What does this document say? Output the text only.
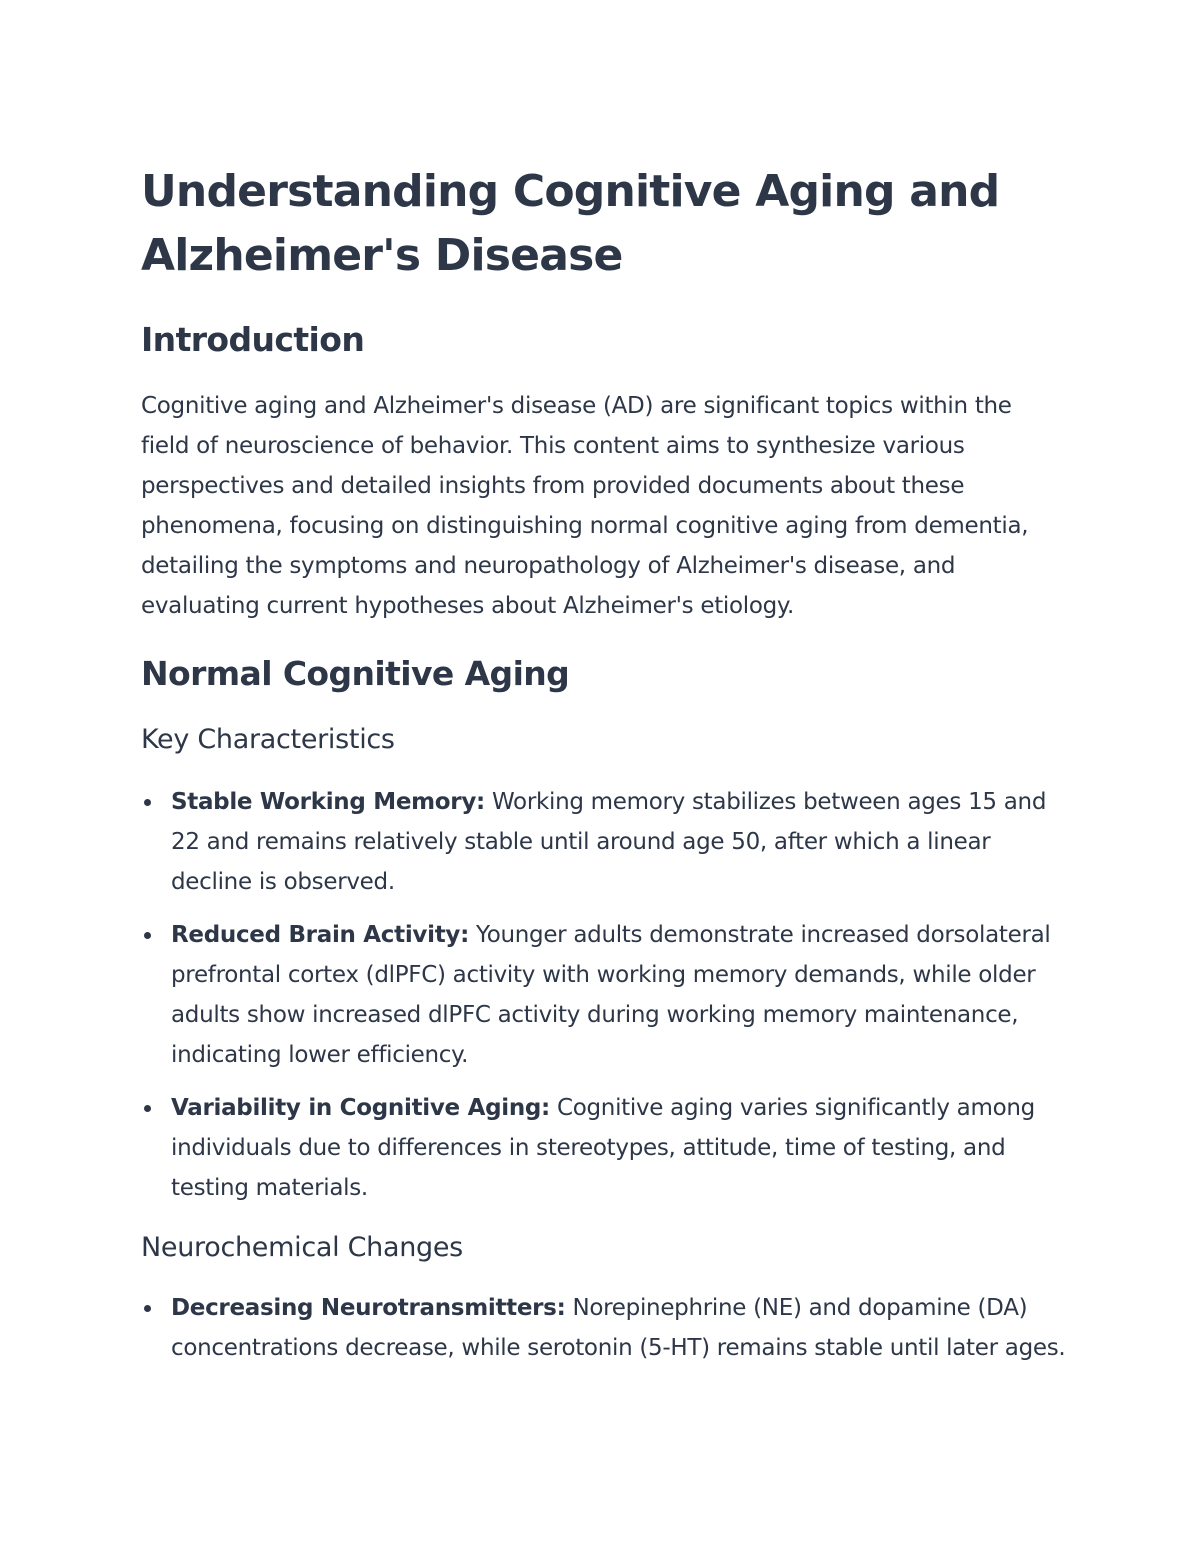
Understanding Cognitive Aging and Alzheimer's Disease
Introduction

Cognitive aging and Alzheimer's disease (AD) are significant topics within the field of neuroscience of behavior. This content aims to synthesize various perspectives and detailed insights from provided documents about these phenomena, focusing on distinguishing normal cognitive aging from dementia, detailing the symptoms and neuropathology of Alzheimer's disease, and evaluating current hypotheses about Alzheimer's etiology.

Normal Cognitive Aging
Key Characteristics
Stable Working Memory: Working memory stabilizes between ages 15 and 22 and remains relatively stable until around age 50, after which a linear decline is observed.
Reduced Brain Activity: Younger adults demonstrate increased dorsolateral prefrontal cortex (dlPFC) activity with working memory demands, while older adults show increased dlPFC activity during working memory maintenance, indicating lower efficiency.
Variability in Cognitive Aging: Cognitive aging varies significantly among individuals due to differences in stereotypes, attitude, time of testing, and testing materials.
Neurochemical Changes
Decreasing Neurotransmitters: Norepinephrine (NE) and dopamine (DA) concentrations decrease, while serotonin (5-HT) remains stable until later ages.
